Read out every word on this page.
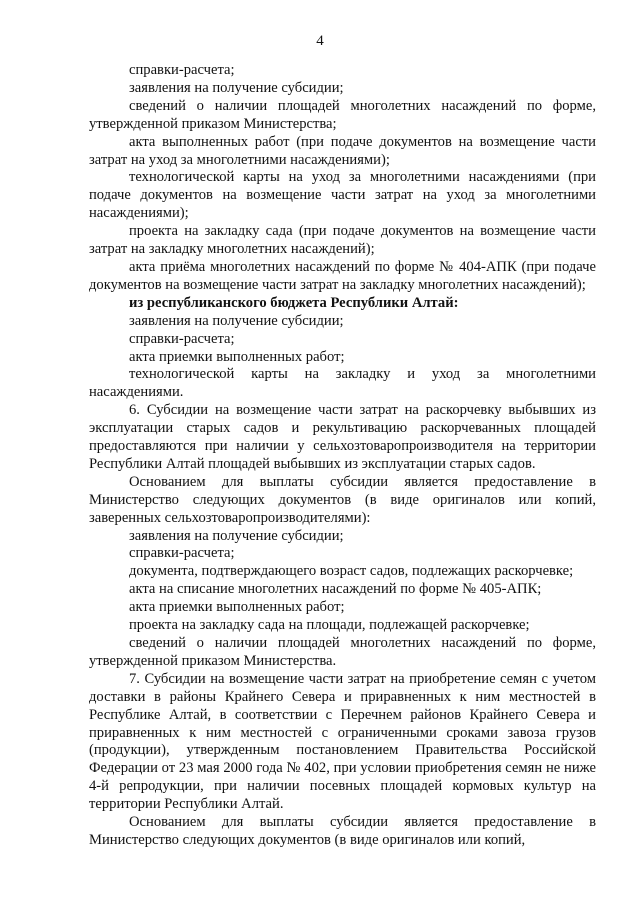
4

справки-расчета;

заявления на получение субсидии;

сведений о наличии площадей многолетних насаждений по форме, утвержденной приказом Министерства;

акта выполненных работ (при подаче документов на возмещение части затрат на уход за многолетними насаждениями);

технологической карты на уход за многолетними насаждениями (при подаче документов на возмещение части затрат на уход за многолетними насаждениями);

проекта на закладку сада (при подаче документов на возмещение части затрат на закладку многолетних насаждений);

акта приёма многолетних насаждений по форме № 404-АПК (при подаче документов на возмещение части затрат на закладку многолетних насаждений);

из республиканского бюджета Республики Алтай:

заявления на получение субсидии;

справки-расчета;

акта приемки выполненных работ;

технологической карты на закладку и уход за многолетними насаждениями.

6. Субсидии на возмещение части затрат на раскорчевку выбывших из эксплуатации старых садов и рекультивацию раскорчеванных площадей предоставляются при наличии у сельхозтоваропроизводителя на территории Республики Алтай площадей выбывших из эксплуатации старых садов.

Основанием для выплаты субсидии является предоставление в Министерство следующих документов (в виде оригиналов или копий, заверенных сельхозтоваропроизводителями):

заявления на получение субсидии;

справки-расчета;

документа, подтверждающего возраст садов, подлежащих раскорчевке;

акта на списание многолетних насаждений по форме № 405-АПК;

акта приемки выполненных работ;

проекта на закладку сада на площади, подлежащей раскорчевке;

сведений о наличии площадей многолетних насаждений по форме, утвержденной приказом Министерства.

7. Субсидии на возмещение части затрат на приобретение семян с учетом доставки в районы Крайнего Севера и приравненных к ним местностей в Республике Алтай, в соответствии с Перечнем районов Крайнего Севера и приравненных к ним местностей с ограниченными сроками завоза грузов (продукции), утвержденным постановлением Правительства Российской Федерации от 23 мая 2000 года № 402, при условии приобретения семян не ниже 4-й репродукции, при наличии посевных площадей кормовых культур на территории Республики Алтай.

Основанием для выплаты субсидии является предоставление в Министерство следующих документов (в виде оригиналов или копий,
